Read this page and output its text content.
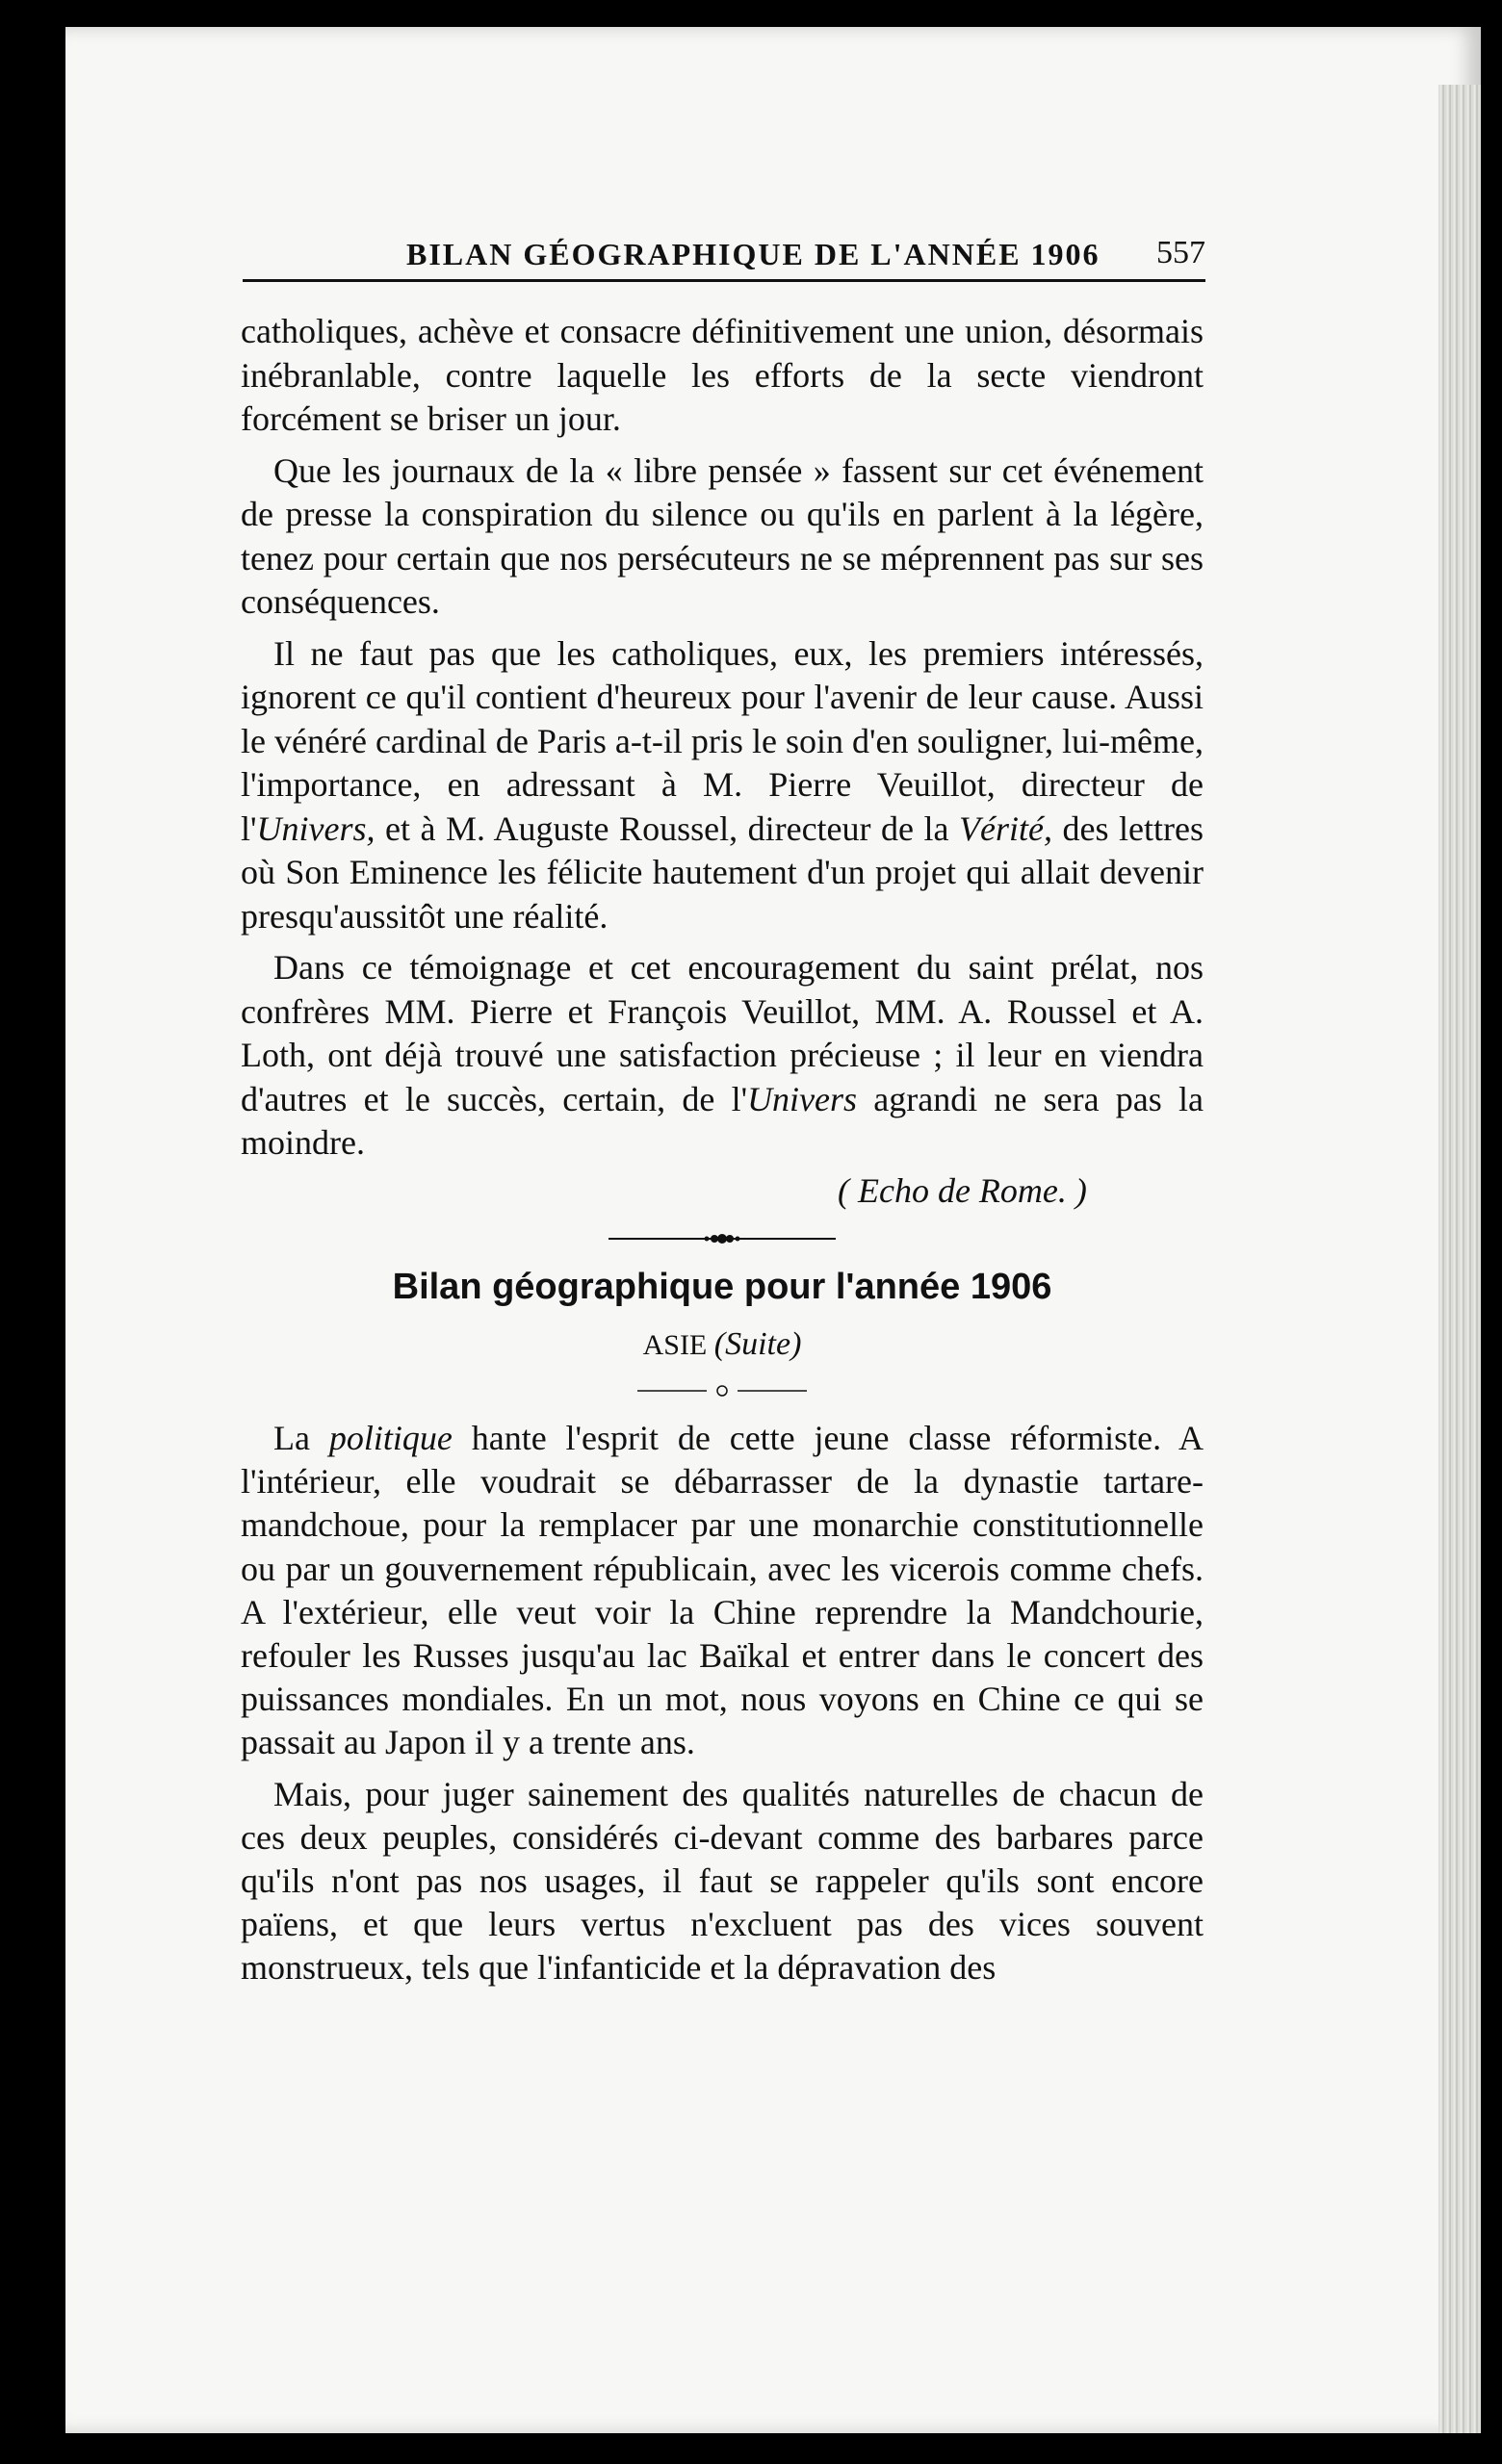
BILAN GÉOGRAPHIQUE DE L'ANNÉE 1906 557

catholiques, achève et consacre définitivement une union, désormais inébranlable, contre laquelle les efforts de la secte viendront forcément se briser un jour.

Que les journaux de la « libre pensée » fassent sur cet événement de presse la conspiration du silence ou qu'ils en parlent à la légère, tenez pour certain que nos persécuteurs ne se méprennent pas sur ses conséquences.

Il ne faut pas que les catholiques, eux, les premiers intéressés, ignorent ce qu'il contient d'heureux pour l'avenir de leur cause. Aussi le vénéré cardinal de Paris a-t-il pris le soin d'en souligner, lui-même, l'importance, en adressant à M. Pierre Veuillot, directeur de l'Univers, et à M. Auguste Roussel, directeur de la Vérité, des lettres où Son Eminence les félicite hautement d'un projet qui allait devenir presqu'aussitôt une réalité.

Dans ce témoignage et cet encouragement du saint prélat, nos confrères MM. Pierre et François Veuillot, MM. A. Roussel et A. Loth, ont déjà trouvé une satisfaction précieuse ; il leur en viendra d'autres et le succès, certain, de l'Univers agrandi ne sera pas la moindre.

( Echo de Rome. )
Bilan géographique pour l'année 1906
ASIE (Suite)

La politique hante l'esprit de cette jeune classe réformiste. A l'intérieur, elle voudrait se débarrasser de la dynastie tartare-mandchoue, pour la remplacer par une monarchie constitutionnelle ou par un gouvernement républicain, avec les vicerois comme chefs. A l'extérieur, elle veut voir la Chine reprendre la Mandchourie, refouler les Russes jusqu'au lac Baïkal et entrer dans le concert des puissances mondiales. En un mot, nous voyons en Chine ce qui se passait au Japon il y a trente ans.

Mais, pour juger sainement des qualités naturelles de chacun de ces deux peuples, considérés ci-devant comme des barbares parce qu'ils n'ont pas nos usages, il faut se rappeler qu'ils sont encore païens, et que leurs vertus n'excluent pas des vices souvent monstrueux, tels que l'infanticide et la dépravation des
